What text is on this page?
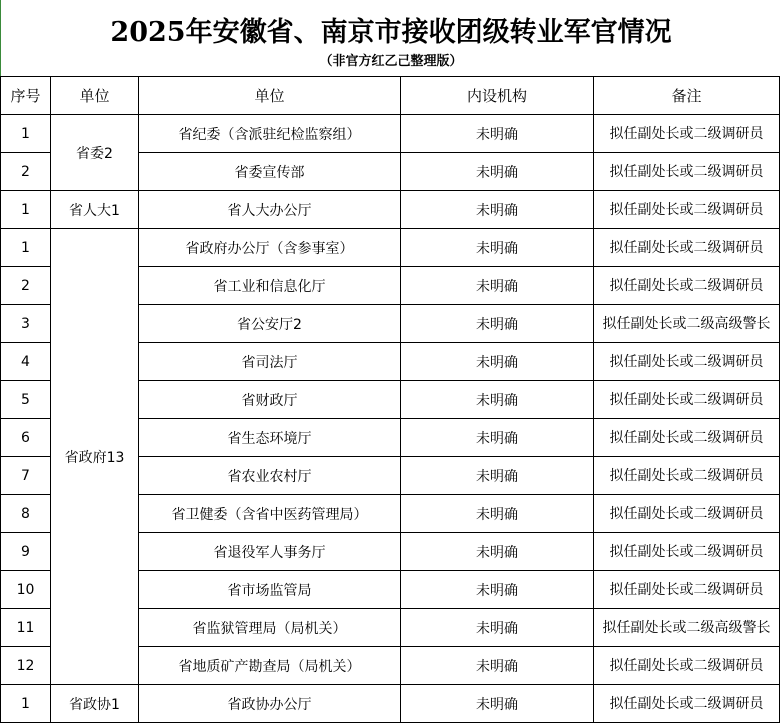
2025年安徽省、南京市接收团级转业军官情况
（非官方红乙己整理版）
序号	单位	单位	内设机构	备注
1	省委2	省纪委（含派驻纪检监察组）	未明确	拟任副处长或二级调研员
2		省委宣传部	未明确	拟任副处长或二级调研员
1	省人大1	省人大办公厅	未明确	拟任副处长或二级调研员
1	省政府13	省政府办公厅（含参事室）	未明确	拟任副处长或二级调研员
2		省工业和信息化厅	未明确	拟任副处长或二级调研员
3		省公安厅2	未明确	拟任副处长或二级高级警长
4		省司法厅	未明确	拟任副处长或二级调研员
5		省财政厅	未明确	拟任副处长或二级调研员
6		省生态环境厅	未明确	拟任副处长或二级调研员
7		省农业农村厅	未明确	拟任副处长或二级调研员
8		省卫健委（含省中医药管理局）	未明确	拟任副处长或二级调研员
9		省退役军人事务厅	未明确	拟任副处长或二级调研员
10		省市场监管局	未明确	拟任副处长或二级调研员
11		省监狱管理局（局机关）	未明确	拟任副处长或二级高级警长
12		省地质矿产勘查局（局机关）	未明确	拟任副处长或二级调研员
1	省政协1	省政协办公厅	未明确	拟任副处长或二级调研员
